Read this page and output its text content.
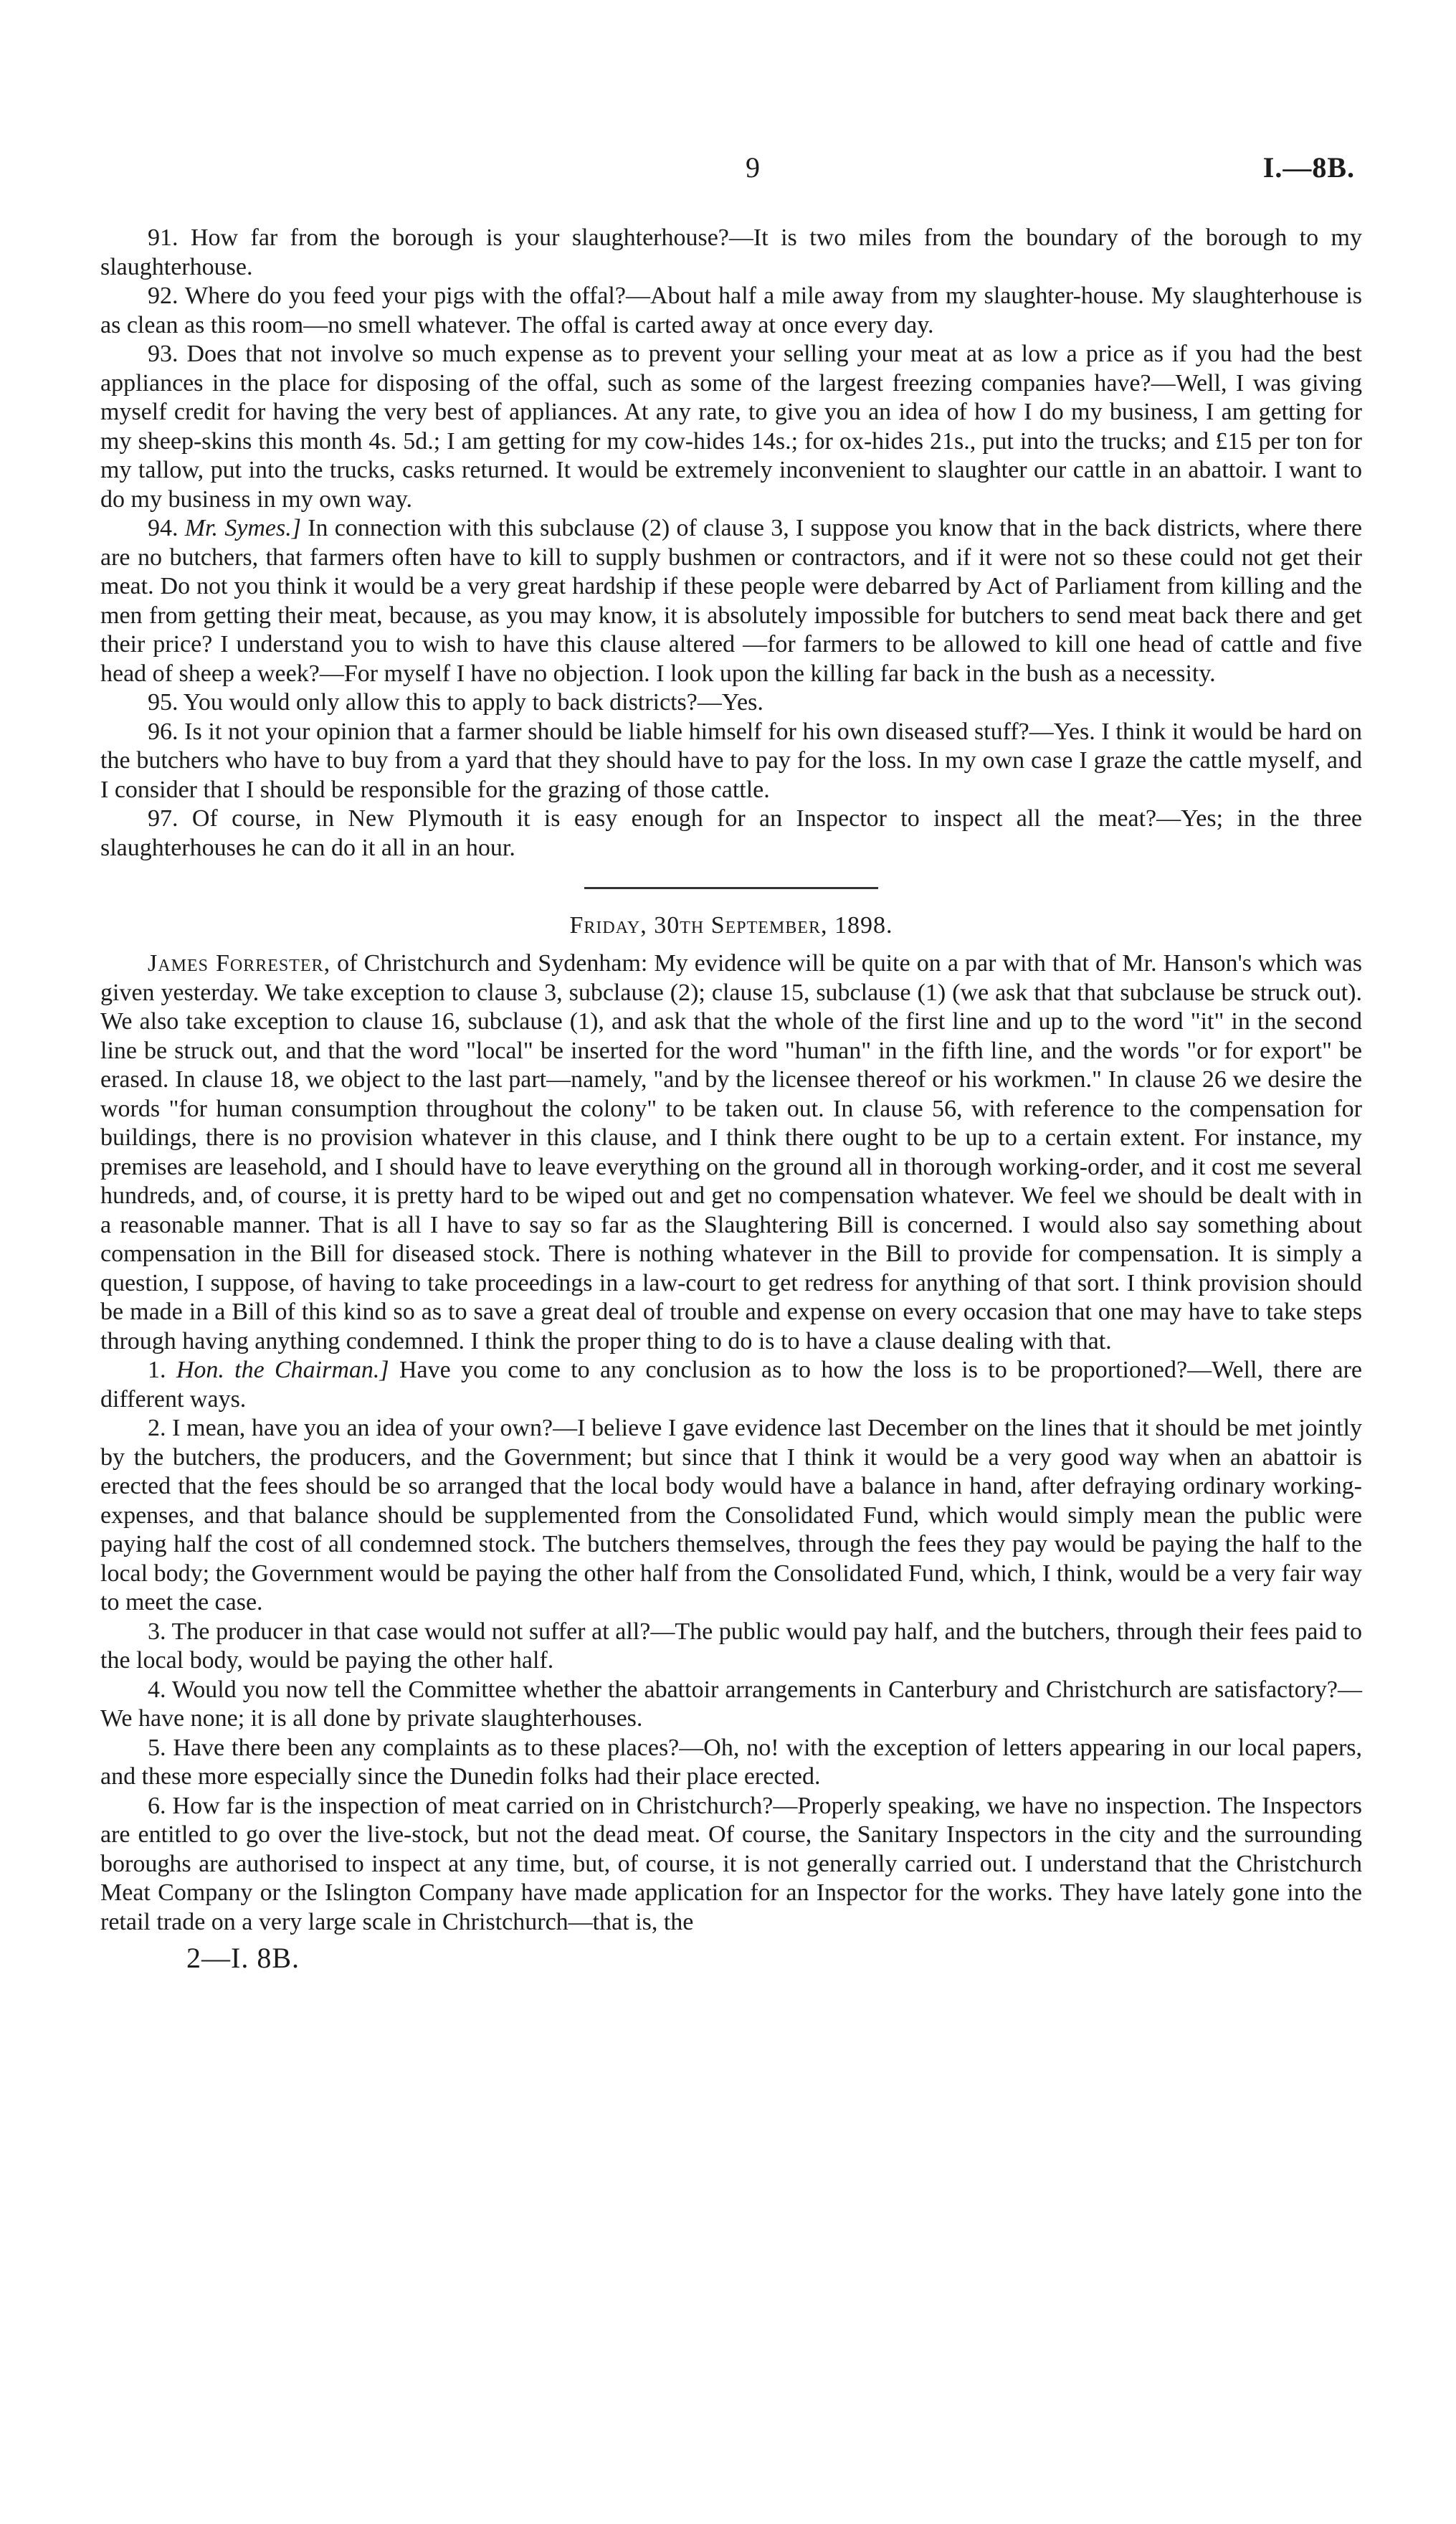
9	I.—8B.

91. How far from the borough is your slaughterhouse?—It is two miles from the boundary of the borough to my slaughterhouse.

92. Where do you feed your pigs with the offal?—About half a mile away from my slaughter-house. My slaughterhouse is as clean as this room—no smell whatever. The offal is carted away at once every day.

93. Does that not involve so much expense as to prevent your selling your meat at as low a price as if you had the best appliances in the place for disposing of the offal, such as some of the largest freezing companies have?—Well, I was giving myself credit for having the very best of appliances. At any rate, to give you an idea of how I do my business, I am getting for my sheep-skins this month 4s. 5d.; I am getting for my cow-hides 14s.; for ox-hides 21s., put into the trucks; and £15 per ton for my tallow, put into the trucks, casks returned. It would be extremely inconvenient to slaughter our cattle in an abattoir. I want to do my business in my own way.

94. Mr. Symes.] In connection with this subclause (2) of clause 3, I suppose you know that in the back districts, where there are no butchers, that farmers often have to kill to supply bushmen or contractors, and if it were not so these could not get their meat. Do not you think it would be a very great hardship if these people were debarred by Act of Parliament from killing and the men from getting their meat, because, as you may know, it is absolutely impossible for butchers to send meat back there and get their price? I understand you to wish to have this clause altered —for farmers to be allowed to kill one head of cattle and five head of sheep a week?—For myself I have no objection. I look upon the killing far back in the bush as a necessity.

95. You would only allow this to apply to back districts?—Yes.

96. Is it not your opinion that a farmer should be liable himself for his own diseased stuff?—Yes. I think it would be hard on the butchers who have to buy from a yard that they should have to pay for the loss. In my own case I graze the cattle myself, and I consider that I should be responsible for the grazing of those cattle.

97. Of course, in New Plymouth it is easy enough for an Inspector to inspect all the meat?—Yes; in the three slaughterhouses he can do it all in an hour.

Friday, 30th September, 1898.

James Forrester, of Christchurch and Sydenham: My evidence will be quite on a par with that of Mr. Hanson's which was given yesterday. We take exception to clause 3, subclause (2); clause 15, subclause (1) (we ask that that subclause be struck out). We also take exception to clause 16, subclause (1), and ask that the whole of the first line and up to the word "it" in the second line be struck out, and that the word "local" be inserted for the word "human" in the fifth line, and the words "or for export" be erased. In clause 18, we object to the last part—namely, "and by the licensee thereof or his workmen." In clause 26 we desire the words "for human consumption throughout the colony" to be taken out. In clause 56, with reference to the compensation for buildings, there is no provision whatever in this clause, and I think there ought to be up to a certain extent. For instance, my premises are leasehold, and I should have to leave everything on the ground all in thorough working-order, and it cost me several hundreds, and, of course, it is pretty hard to be wiped out and get no compensation whatever. We feel we should be dealt with in a reasonable manner. That is all I have to say so far as the Slaughtering Bill is concerned. I would also say something about compensation in the Bill for diseased stock. There is nothing whatever in the Bill to provide for compensation. It is simply a question, I suppose, of having to take proceedings in a law-court to get redress for anything of that sort. I think provision should be made in a Bill of this kind so as to save a great deal of trouble and expense on every occasion that one may have to take steps through having anything condemned. I think the proper thing to do is to have a clause dealing with that.

1. Hon. the Chairman.] Have you come to any conclusion as to how the loss is to be proportioned?—Well, there are different ways.

2. I mean, have you an idea of your own?—I believe I gave evidence last December on the lines that it should be met jointly by the butchers, the producers, and the Government; but since that I think it would be a very good way when an abattoir is erected that the fees should be so arranged that the local body would have a balance in hand, after defraying ordinary working-expenses, and that balance should be supplemented from the Consolidated Fund, which would simply mean the public were paying half the cost of all condemned stock. The butchers themselves, through the fees they pay would be paying the half to the local body; the Government would be paying the other half from the Consolidated Fund, which, I think, would be a very fair way to meet the case.

3. The producer in that case would not suffer at all?—The public would pay half, and the butchers, through their fees paid to the local body, would be paying the other half.

4. Would you now tell the Committee whether the abattoir arrangements in Canterbury and Christchurch are satisfactory?—We have none; it is all done by private slaughterhouses.

5. Have there been any complaints as to these places?—Oh, no! with the exception of letters appearing in our local papers, and these more especially since the Dunedin folks had their place erected.

6. How far is the inspection of meat carried on in Christchurch?—Properly speaking, we have no inspection. The Inspectors are entitled to go over the live-stock, but not the dead meat. Of course, the Sanitary Inspectors in the city and the surrounding boroughs are authorised to inspect at any time, but, of course, it is not generally carried out. I understand that the Christchurch Meat Company or the Islington Company have made application for an Inspector for the works. They have lately gone into the retail trade on a very large scale in Christchurch—that is, the

2—I. 8B.
